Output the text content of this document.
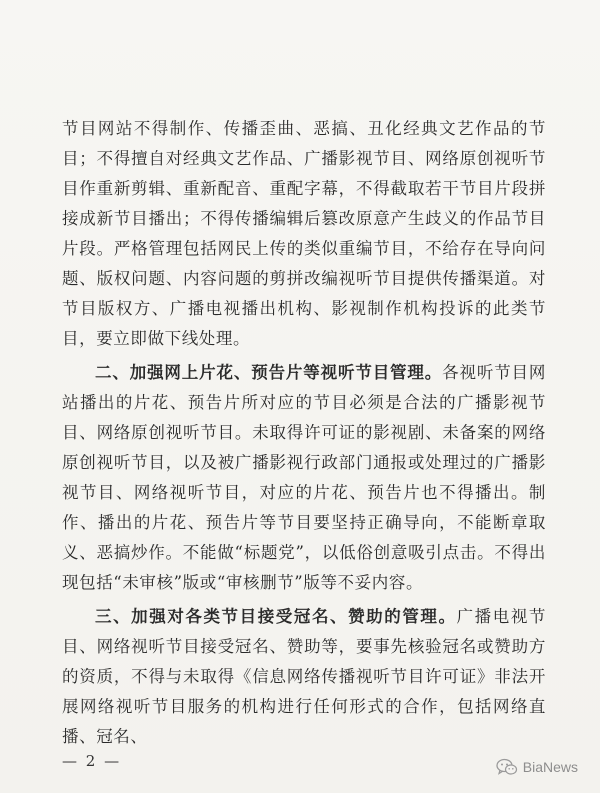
节目网站不得制作、传播歪曲、恶搞、丑化经典文艺作品的节目；不得擅自对经典文艺作品、广播影视节目、网络原创视听节目作重新剪辑、重新配音、重配字幕，不得截取若干节目片段拼接成新节目播出；不得传播编辑后篡改原意产生歧义的作品节目片段。严格管理包括网民上传的类似重编节目，不给存在导向问题、版权问题、内容问题的剪拼改编视听节目提供传播渠道。对节目版权方、广播电视播出机构、影视制作机构投诉的此类节目，要立即做下线处理。

二、加强网上片花、预告片等视听节目管理。各视听节目网站播出的片花、预告片所对应的节目必须是合法的广播影视节目、网络原创视听节目。未取得许可证的影视剧、未备案的网络原创视听节目，以及被广播影视行政部门通报或处理过的广播影视节目、网络视听节目，对应的片花、预告片也不得播出。制作、播出的片花、预告片等节目要坚持正确导向，不能断章取义、恶搞炒作。不能做“标题党”，以低俗创意吸引点击。不得出现包括“未审核”版或“审核删节”版等不妥内容。

三、加强对各类节目接受冠名、赞助的管理。广播电视节目、网络视听节目接受冠名、赞助等，要事先核验冠名或赞助方的资质，不得与未取得《信息网络传播视听节目许可证》非法开展网络视听节目服务的机构进行任何形式的合作，包括网络直播、冠名、

— 2 —	BiaNews
